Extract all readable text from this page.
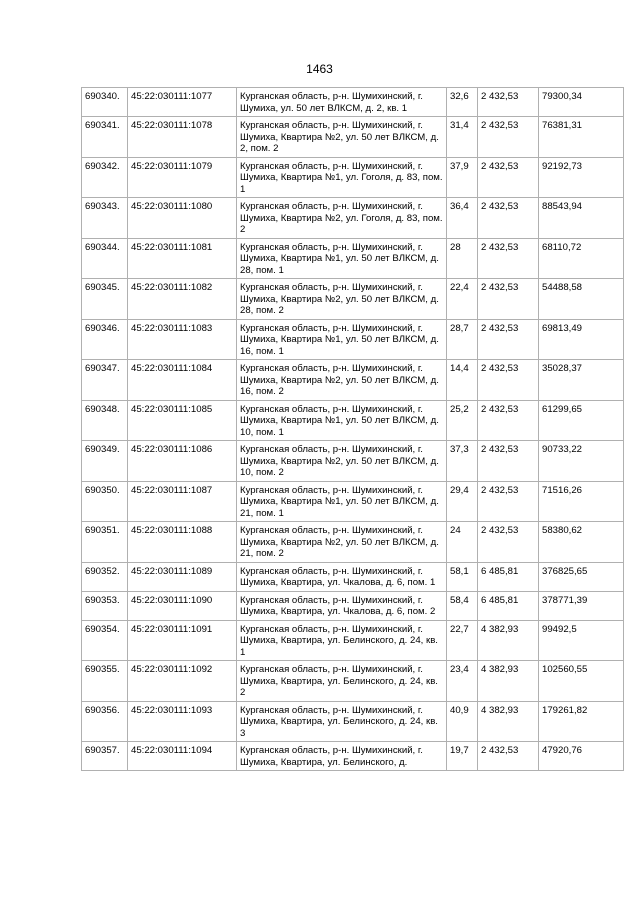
1463
690340.	45:22:030111:1077	Курганская область, р-н. Шумихинский, г. Шумиха, ул. 50 лет ВЛКСМ, д. 2, кв. 1	32,6	2 432,53	79300,34
690341.	45:22:030111:1078	Курганская область, р-н. Шумихинский, г. Шумиха, Квартира №2, ул. 50 лет ВЛКСМ, д. 2, пом. 2	31,4	2 432,53	76381,31
690342.	45:22:030111:1079	Курганская область, р-н. Шумихинский, г. Шумиха, Квартира №1, ул. Гоголя, д. 83, пом. 1	37,9	2 432,53	92192,73
690343.	45:22:030111:1080	Курганская область, р-н. Шумихинский, г. Шумиха, Квартира №2, ул. Гоголя, д. 83, пом. 2	36,4	2 432,53	88543,94
690344.	45:22:030111:1081	Курганская область, р-н. Шумихинский, г. Шумиха, Квартира №1, ул. 50 лет ВЛКСМ, д. 28, пом. 1	28	2 432,53	68110,72
690345.	45:22:030111:1082	Курганская область, р-н. Шумихинский, г. Шумиха, Квартира №2, ул. 50 лет ВЛКСМ, д. 28, пом. 2	22,4	2 432,53	54488,58
690346.	45:22:030111:1083	Курганская область, р-н. Шумихинский, г. Шумиха, Квартира №1, ул. 50 лет ВЛКСМ, д. 16, пом. 1	28,7	2 432,53	69813,49
690347.	45:22:030111:1084	Курганская область, р-н. Шумихинский, г. Шумиха, Квартира №2, ул. 50 лет ВЛКСМ, д. 16, пом. 2	14,4	2 432,53	35028,37
690348.	45:22:030111:1085	Курганская область, р-н. Шумихинский, г. Шумиха, Квартира №1, ул. 50 лет ВЛКСМ, д. 10, пом. 1	25,2	2 432,53	61299,65
690349.	45:22:030111:1086	Курганская область, р-н. Шумихинский, г. Шумиха, Квартира №2, ул. 50 лет ВЛКСМ, д. 10, пом. 2	37,3	2 432,53	90733,22
690350.	45:22:030111:1087	Курганская область, р-н. Шумихинский, г. Шумиха, Квартира №1, ул. 50 лет ВЛКСМ, д. 21, пом. 1	29,4	2 432,53	71516,26
690351.	45:22:030111:1088	Курганская область, р-н. Шумихинский, г. Шумиха, Квартира №2, ул. 50 лет ВЛКСМ, д. 21, пом. 2	24	2 432,53	58380,62
690352.	45:22:030111:1089	Курганская область, р-н. Шумихинский, г. Шумиха, Квартира, ул. Чкалова, д. 6, пом. 1	58,1	6 485,81	376825,65
690353.	45:22:030111:1090	Курганская область, р-н. Шумихинский, г. Шумиха, Квартира, ул. Чкалова, д. 6, пом. 2	58,4	6 485,81	378771,39
690354.	45:22:030111:1091	Курганская область, р-н. Шумихинский, г. Шумиха, Квартира, ул. Белинского, д. 24, кв. 1	22,7	4 382,93	99492,5
690355.	45:22:030111:1092	Курганская область, р-н. Шумихинский, г. Шумиха, Квартира, ул. Белинского, д. 24, кв. 2	23,4	4 382,93	102560,55
690356.	45:22:030111:1093	Курганская область, р-н. Шумихинский, г. Шумиха, Квартира, ул. Белинского, д. 24, кв. 3	40,9	4 382,93	179261,82
690357.	45:22:030111:1094	Курганская область, р-н. Шумихинский, г. Шумиха, Квартира, ул. Белинского, д.	19,7	2 432,53	47920,76
